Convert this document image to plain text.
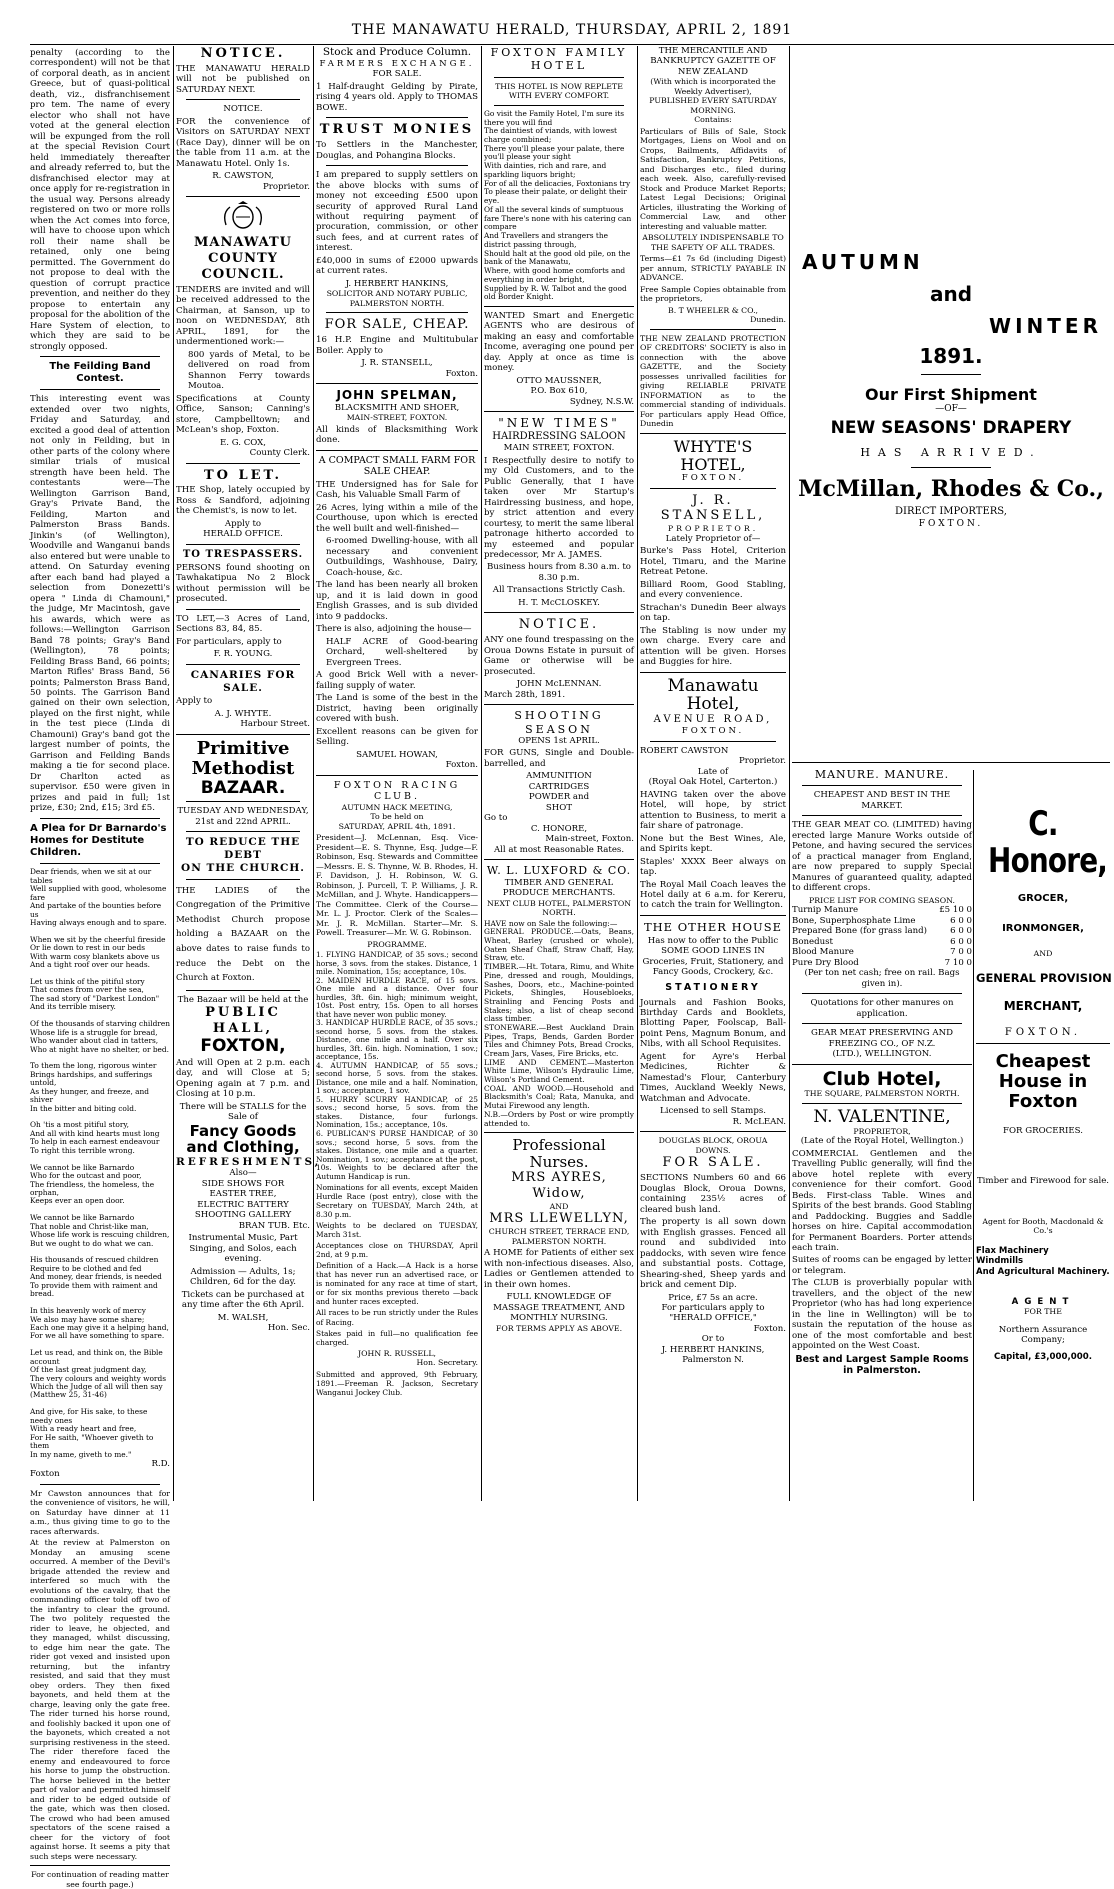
THE MANAWATU HERALD, THURSDAY, APRIL 2, 1891

penalty (according to the correspondent) will not be that of corporal death, as in ancient Greece, but of quasi-political death, viz., disfranchisement pro tem. The name of every elector who shall not have voted at the general election will be expunged from the roll at the special Revision Court held immediately thereafter and already referred to, but the disfranchised elector may at once apply for re-registration in the usual way. Persons already registered on two or more rolls when the Act comes into force, will have to choose upon which roll their name shall be retained, only one being permitted. The Government do not propose to deal with the question of corrupt practice prevention, and neither do they propose to entertain any proposal for the abolition of the Hare System of election, to which they are said to be strongly opposed.

The Feilding Band Contest.

This interesting event was extended over two nights, Friday and Saturday, and excited a good deal of attention not only in Feilding, but in other parts of the colony where similar trials of musical strength have been held. The contestants were—The Wellington Garrison Band, Gray's Private Band, the Feilding, Marton and Palmerston Brass Bands. Jinkin's (of Wellington), Woodville and Wanganui bands also entered but were unable to attend. On Saturday evening after each band had played a selection from Donezetti's opera " Linda di Chamouni," the judge, Mr Macintosh, gave his awards, which were as follows:—Wellington Garrison Band 78 points; Gray's Band (Wellington), 78 points; Feilding Brass Band, 66 points; Marton Rifles' Brass Band, 56 points; Palmerston Brass Band, 50 points. The Garrison Band gained on their own selection, played on the first night, while in the test piece (Linda di Chamouni) Gray's band got the largest number of points, the Garrison and Feilding Bands making a tie for second place. Dr Charlton acted as supervisor. £50 were given in prizes and paid in full; 1st prize, £30; 2nd, £15; 3rd £5.

A Plea for Dr Barnardo's Homes for Destitute Children.

Dear friends, when we sit at our tables
Well supplied with good, wholesome fare
And partake of the bounties before us
Having always enough and to spare.

When we sit by the cheerful fireside
Or lie down to rest in our beds
With warm cosy blankets above us
And a tight roof over our heads.

Let us think of the pitiful story
That comes from over the sea,
The sad story of "Darkest London"
And its terrible misery.

Of the thousands of starving children
Whose life is a struggle for bread,
Who wander about clad in tatters,
Who at night have no shelter, or bed.

To them the long, rigorous winter
Brings hardships, and sufferings untold,
As they hunger, and freeze, and shiver
In the bitter and biting cold.

Oh 'tis a most pitiful story,
And all with kind hearts must long
To help in each earnest endeavour
To right this terrible wrong.

We cannot be like Barnardo
Who for the outcast and poor,
The friendless, the homeless, the orphan,
Keeps ever an open door.

We cannot be like Barnardo
That noble and Christ-like man,
Whose life work is rescuing children,
But we ought to do what we can.

His thousands of rescued children
Require to be clothed and fed
And money, dear friends, is needed
To provide them with raiment and bread.

In this heavenly work of mercy
We also may have some share;
Each one may give it a helping hand,
For we all have something to spare.

Let us read, and think on, the Bible account
Of the last great judgment day,
The very colours and weighty words
Which the Judge of all will then say
(Matthew 25, 31-46)

And give, for His sake, to these needy ones
With a ready heart and free,
For He saith, "Whoever giveth to them
In my name, giveth to me."

R.D.

Foxton

Mr Cawston announces that for the convenience of visitors, he will, on Saturday have dinner at 11 a.m., thus giving time to go to the races afterwards.

At the review at Palmerston on Monday an amusing scene occurred. A member of the Devil's brigade attended the review and interfered so much with the evolutions of the cavalry, that the commanding officer told off two of the infantry to clear the ground. The two politely requested the rider to leave, he objected, and they managed, whilst discussing, to edge him near the gate. The rider got vexed and insisted upon returning, but the infantry resisted, and said that they must obey orders. They then fixed bayonets, and held them at the charge, leaving only the gate free. The rider turned his horse round, and foolishly backed it upon one of the bayonets, which created a not surprising restiveness in the steed. The rider therefore faced the enemy and endeavoured to force his horse to jump the obstruction. The horse believed in the better part of valor and permitted himself and rider to be edged outside of the gate, which was then closed. The crowd who had been amused spectators of the scene raised a cheer for the victory of foot against horse. It seems a pity that such steps were necessary.

For continuation of reading matter see fourth page.)

NOTICE.

THE MANAWATU HERALD will not be published on SATURDAY NEXT.

NOTICE.

FOR the convenience of Visitors on SATURDAY NEXT (Race Day), dinner will be on the table from 11 a.m. at the Manawatu Hotel. Only 1s.

R. CAWSTON,

Proprietor.

MANAWATU COUNTY COUNCIL.

TENDERS are invited and will be received addressed to the Chairman, at Sanson, up to noon on WEDNESDAY, 8th APRIL, 1891, for the undermentioned work:—

800 yards of Metal, to be delivered on road from Shannon Ferry towards Moutoa.

Specifications at County Office, Sanson; Canning's store, Campbelltown; and McLean's shop, Foxton.

E. G. COX,

County Clerk.

TO LET.

THE Shop, lately occupied by Ross & Sandford, adjoining the Chemist's, is now to let.

Apply to

HERALD OFFICE.

TO TRESPASSERS.

PERSONS found shooting on Tawhakatipua No 2 Block without permission will be prosecuted.

TO LET,—3 Acres of Land, Sections 83, 84, 85.

For particulars, apply to

F. R. YOUNG.

CANARIES FOR SALE.

Apply to

A. J. WHYTE.

Harbour Street.

Primitive Methodist

BAZAAR.

TUESDAY AND WEDNESDAY,

21st and 22nd APRIL.

TO REDUCE THE DEBT

ON THE CHURCH.

THE LADIES of the Congregation of the Primitive Methodist Church propose holding a BAZAAR on the above dates to raise funds to reduce the Debt on the Church at Foxton.

The Bazaar will be held at the

PUBLIC HALL,

FOXTON,

And will Open at 2 p.m. each day, and will Close at 5; Opening again at 7 p.m. and Closing at 10 p.m.

There will be STALLS for the Sale of

Fancy Goods and Clothing,

REFRESHMENTS,

Also—

SIDE SHOWS FOR

EASTER TREE,

ELECTRIC BATTERY

SHOOTING GALLERY

BRAN TUB. Etc.

Instrumental Music, Part Singing, and Solos, each evening.

Admission — Adults, 1s; Children, 6d for the day.

Tickets can be purchased at any time after the 6th April.

M. WALSH,

Hon. Sec.

Stock and Produce Column.

FARMERS EXCHANGE.

FOR SALE.

1 Half-draught Gelding by Pirate, rising 4 years old. Apply to THOMAS BOWE.

TRUST MONIES

To Settlers in the Manchester, Douglas, and Pohangina Blocks.

I am prepared to supply settlers on the above blocks with sums of money not exceeding £500 upon security of approved Rural Land without requiring payment of procuration, commission, or other such fees, and at current rates of interest.

£40,000 in sums of £2000 upwards at current rates.

J. HERBERT HANKINS,

SOLICITOR AND NOTARY PUBLIC, PALMERSTON NORTH.

FOR SALE, CHEAP.

16 H.P. Engine and Multitubular Boiler. Apply to

J. R. STANSELL,

Foxton.

JOHN SPELMAN,

BLACKSMITH AND SHOER,

MAIN-STREET, FOXTON.

All kinds of Blacksmithing Work done.

A COMPACT SMALL FARM FOR SALE CHEAP.

THE Undersigned has for Sale for Cash, his Valuable Small Farm of

26 Acres, lying within a mile of the Courthouse, upon which is erected the well built and well-finished—

6-roomed Dwelling-house, with all necessary and convenient Outbuildings, Washhouse, Dairy, Coach-house, &c.

The land has been nearly all broken up, and it is laid down in good English Grasses, and is sub divided into 9 paddocks.

There is also, adjoining the house—

HALF ACRE of Good-bearing Orchard, well-sheltered by Evergreen Trees.

A good Brick Well with a never-failing supply of water.

The Land is some of the best in the District, having been originally covered with bush.

Excellent reasons can be given for Selling.

SAMUEL HOWAN,

Foxton.

FOXTON RACING CLUB.

AUTUMN HACK MEETING,

To be held on

SATURDAY, APRIL 4th, 1891.

President—J. McLennan, Esq. Vice-President—E. S. Thynne, Esq. Judge—F. Robinson, Esq. Stewards and Committee—Messrs. E. S. Thynne, W. B. Rhodes, H. F. Davidson, J. H. Robinson, W. G. Robinson, J. Purcell, T. P. Williams, J. R. McMillan, and J. Whyte. Handicappers—The Committee. Clerk of the Course—Mr. L. J. Proctor. Clerk of the Scales—Mr. J. R. McMillan. Starter—Mr. S. Powell. Treasurer—Mr. W. G. Robinson.

PROGRAMME.

1. FLYING HANDICAP, of 35 sovs.; second horse, 3 sovs. from the stakes. Distance, 1 mile. Nomination, 15s; acceptance, 10s.
2. MAIDEN HURDLE RACE, of 15 sovs. One mile and a distance. Over four hurdles, 3ft. 6in. high; minimum weight, 10st. Post entry, 15s. Open to all horses that have never won public money.
3. HANDICAP HURDLE RACE, of 35 sovs.; second horse, 5 sovs. from the stakes. Distance, one mile and a half. Over six hurdles, 3ft. 6in. high. Nomination, 1 sov.; acceptance, 15s.
4. AUTUMN HANDICAP, of 55 sovs.; second horse, 5 sovs. from the stakes. Distance, one mile and a half. Nomination, 1 sov.; acceptance, 1 sov.
5. HURRY SCURRY HANDICAP, of 25 sovs.; second horse, 5 sovs. from the stakes. Distance, four furlongs. Nomination, 15s.; acceptance, 10s.
6. PUBLICAN'S PURSE HANDICAP, of 30 sovs.; second horse, 5 sovs. from the stakes. Distance, one mile and a quarter. Nomination, 1 sov.; acceptance at the post, 10s. Weights to be declared after the Autumn Handicap is run.

Nominations for all events, except Maiden Hurdle Race (post entry), close with the Secretary on TUESDAY, March 24th, at 8.30 p.m.

Weights to be declared on TUESDAY, March 31st.

Acceptances close on THURSDAY, April 2nd, at 9 p.m.

Definition of a Hack.—A Hack is a horse that has never run an advertised race, or is nominated for any race at time of start, or for six months previous thereto —back and hunter races excepted.

All races to be run strictly under the Rules of Racing.

Stakes paid in full—no qualification fee charged.

JOHN R. RUSSELL,

Hon. Secretary.

Submitted and approved, 9th February, 1891.—Freeman R. Jackson, Secretary Wanganui Jockey Club.

FOXTON FAMILY HOTEL

THIS HOTEL IS NOW REPLETE WITH EVERY COMFORT.

Go visit the Family Hotel, I'm sure its there you will find
The daintiest of viands, with lowest charge combined;
There you'll please your palate, there you'll please your sight
With dainties, rich and rare, and sparkling liquors bright;
For of all the delicacies, Foxtonians try To please their palate, or delight their eye.
Of all the several kinds of sumptuous fare There's none with his catering can compare
And Travellers and strangers the district passing through,
Should halt at the good old pile, on the bank of the Manawatu,
Where, with good home comforts and everything in order bright,
Supplied by R. W. Talbot and the good old Border Knight.

WANTED Smart and Energetic AGENTS who are desirous of making an easy and comfortable Income, averaging one pound per day. Apply at once as time is money.

OTTO MAUSSNER,

P.O. Box 610,

Sydney, N.S.W.

"NEW TIMES"

HAIRDRESSING SALOON

MAIN STREET, FOXTON.

I Respectfully desire to notify to my Old Customers, and to the Public Generally, that I have taken over Mr Startup's Hairdressing business, and hope, by strict attention and every courtesy, to merit the same liberal patronage hitherto accorded to my esteemed and popular predecessor, Mr A. JAMES.

Business hours from 8.30 a.m. to 8.30 p.m.

All Transactions Strictly Cash.

H. T. McCLOSKEY.

NOTICE.

ANY one found trespassing on the Oroua Downs Estate in pursuit of Game or otherwise will be prosecuted.

JOHN McLENNAN.

March 28th, 1891.

SHOOTING SEASON

OPENS 1st APRIL.

FOR GUNS, Single and Double-barrelled, and

AMMUNITION

CARTRIDGES

POWDER and

SHOT

Go to

C. HONORE,

Main-street, Foxton.

All at most Reasonable Rates.

W. L. LUXFORD & CO.

TIMBER AND GENERAL PRODUCE MERCHANTS.

NEXT CLUB HOTEL, PALMERSTON NORTH.

HAVE now on Sale the following:—
GENERAL PRODUCE.—Oats, Beans, Wheat, Barley (crushed or whole), Oaten Sheaf Chaff, Straw Chaff, Hay, Straw, etc.
TIMBER.—Ht. Totara, Rimu, and White Pine, dressed and rough, Mouldings, Sashes, Doors, etc., Machine-pointed Pickets, Shingles, Housebloeks, Strainling and Fencing Posts and Stakes; also, a list of cheap second class timber.
STONEWARE.—Best Auckland Drain Pipes, Traps, Bends, Garden Border Tiles and Chimney Pots, Bread Crocks, Cream Jars, Vases, Fire Bricks, etc.
LIME AND CEMENT.—Masterton White Lime, Wilson's Hydraulic Lime, Wilson's Portland Cement.
COAL AND WOOD.—Household and Blacksmith's Coal; Rata, Manuka, and Mutai Firewood any length.
N.B.—Orders by Post or wire promptly attended to.

Professional Nurses.

MRS AYRES, Widow,

AND

MRS LLEWELLYN,

CHURCH STREET, TERRACE END, PALMERSTON NORTH.

A HOME for Patients of either sex with non-infectious diseases. Also, Ladies or Gentlemen attended to in their own homes.

FULL KNOWLEDGE OF MASSAGE TREATMENT, AND MONTHLY NURSING.

FOR TERMS APPLY AS ABOVE.

THE MERCANTILE AND BANKRUPTCY GAZETTE OF NEW ZEALAND

(With which is incorporated the Weekly Advertiser),

PUBLISHED EVERY SATURDAY MORNING.

Contains:

Particulars of Bills of Sale, Stock Mortgages, Liens on Wool and on Crops, Bailments, Affidavits of Satisfaction, Bankruptcy Petitions, and Discharges etc., filed during each week. Also, carefully-revised Stock and Produce Market Reports; Latest Legal Decisions; Original Articles, illustrating the Working of Commercial Law, and other interesting and valuable matter.

ABSOLUTELY INDISPENSABLE TO THE SAFETY OF ALL TRADES.

Terms—£1 7s 6d (including Digest) per annum, STRICTLY PAYABLE IN ADVANCE.

Free Sample Copies obtainable from the proprietors,

B. T WHEELER & CO.,

Dunedin.

THE NEW ZEALAND PROTECTION OF CREDITORS' SOCIETY is also in connection with the above GAZETTE, and the Society possesses unrivalled facilities for giving RELIABLE PRIVATE INFORMATION as to the commercial standing of individuals. For particulars apply Head Office, Dunedin

WHYTE'S HOTEL,

FOXTON.

J. R. STANSELL,

PROPRIETOR.

Lately Proprietor of—

Burke's Pass Hotel, Criterion Hotel, Timaru, and the Marine Retreat Petone.

Billiard Room, Good Stabling, and every convenience.

Strachan's Dunedin Beer always on tap.

The Stabling is now under my own charge. Every care and attention will be given. Horses and Buggies for hire.

Manawatu Hotel,

AVENUE ROAD,

FOXTON.

ROBERT CAWSTON

Proprietor.

Late of

(Royal Oak Hotel, Carterton.)

HAVING taken over the above Hotel, will hope, by strict attention to Business, to merit a fair share of patronage.

None but the Best Wines, Ale, and Spirits kept.

Staples' XXXX Beer always on tap.

The Royal Mail Coach leaves the Hotel daily at 6 a.m. for Kereru, to catch the train for Wellington.

THE OTHER HOUSE

Has now to offer to the Public SOME GOOD LINES IN Groceries, Fruit, Stationery, and Fancy Goods, Crockery, &c.

STATIONERY

Journals and Fashion Books, Birthday Cards and Booklets, Blotting Paper, Foolscap, Ball-point Pens, Magnum Bonum, and Nibs, with all School Requisites.

Agent for Ayre's Herbal Medicines, Richter & Namestad's Flour, Canterbury Times, Auckland Weekly News, Watchman and Advocate.

Licensed to sell Stamps.

R. McLEAN.

DOUGLAS BLOCK, OROUA DOWNS.

FOR SALE.

SECTIONS Numbers 60 and 66 Douglas Block, Oroua Downs, containing 235½ acres of cleared bush land.

The property is all sown down with English grasses. Fenced all round and subdivided into paddocks, with seven wire fence and substantial posts. Cottage, Shearing-shed, Sheep yards and brick and cement Dip.

Price, £7 5s an acre.

For particulars apply to

"HERALD OFFICE,"

Foxton.

Or to

J. HERBERT HANKINS,

Palmerston N.

AUTUMN

and

WINTER

1891.

Our First Shipment

—OF—

NEW SEASONS' DRAPERY

HAS ARRIVED.

McMillan, Rhodes & Co.,

DIRECT IMPORTERS,

FOXTON.

MANURE. MANURE.

CHEAPEST AND BEST IN THE MARKET.

THE GEAR MEAT CO. (LIMITED) having erected large Manure Works outside of Petone, and having secured the services of a practical manager from England, are now prepared to supply Special Manures of guaranteed quality, adapted to different crops.

PRICE LIST FOR COMING SEASON.

Turnip Manure	£5 10 0
Bone, Superphosphate Lime	6 0 0
Prepared Bone (for grass land)	6 0 0
Bonedust	6 0 0
Blood Manure	7 0 0
Pure Dry Blood	7 10 0

(Per ton net cash; free on rail. Bags given in).

Quotations for other manures on application.

GEAR MEAT PRESERVING AND FREEZING CO., OF N.Z.

(LTD.), WELLINGTON.

Club Hotel,

THE SQUARE, PALMERSTON NORTH.

N. VALENTINE,

PROPRIETOR,

(Late of the Royal Hotel, Wellington.)

COMMERCIAL Gentlemen and the Travelling Public generally, will find the above hotel replete with every convenience for their comfort. Good Beds. First-class Table. Wines and Spirits of the best brands. Good Stabling and Paddocking. Buggies and Saddle horses on hire. Capital accommodation for Permanent Boarders. Porter attends each train.

Suites of rooms can be engaged by letter or telegram.

The CLUB is proverbially popular with travellers, and the object of the new Proprietor (who has had long experience in the line in Wellington) will be to sustain the reputation of the house as one of the most comfortable and best appointed on the West Coast.

Best and Largest Sample Rooms in Palmerston.

C. Honore,

GROCER,

IRONMONGER,

AND

GENERAL PROVISION

MERCHANT,

FOXTON.

Cheapest House in Foxton

FOR GROCERIES.

Timber and Firewood for sale.

Agent for Booth, Macdonald & Co.'s

Flax Machinery

Windmills

And Agricultural Machinery.

AGENT

FOR THE

Northern Assurance Company;

Capital, £3,000,000.
